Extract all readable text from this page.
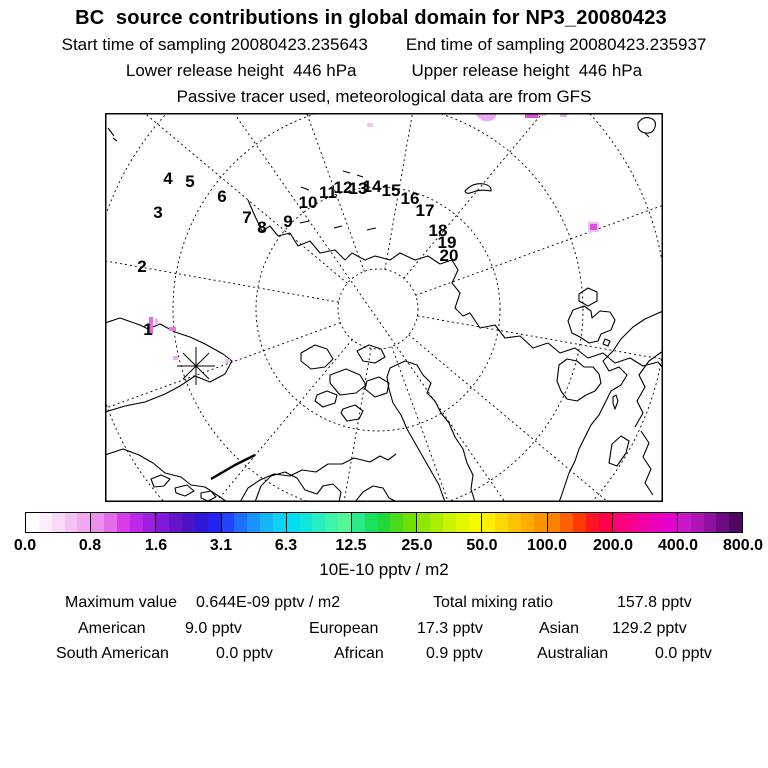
BC  source contributions in global domain for NP3_20080423
Start time of sampling 20080423.235643 End time of sampling 20080423.235937
Lower release height  446 hPa	Upper release height  446 hPa
Passive tracer used, meteorological data are from GFS
1
2
3
4 5
6
7
8 9
10
11
12
13
14 15 16
17
18
19
20
0.0	0.8	1.6	3.1	6.3 12.5 25.0 50.0 100.0 200.0 400.0 800.0
10E-10 pptv / m2
Maximum value 0.644E-09 pptv / m2	Total mixing ratio	157.8 pptv
American 9.0 pptv	European 17.3 pptv	Asian 129.2 pptv
South American	0.0 pptv	African	0.9 pptv	Australian	0.0 pptv
